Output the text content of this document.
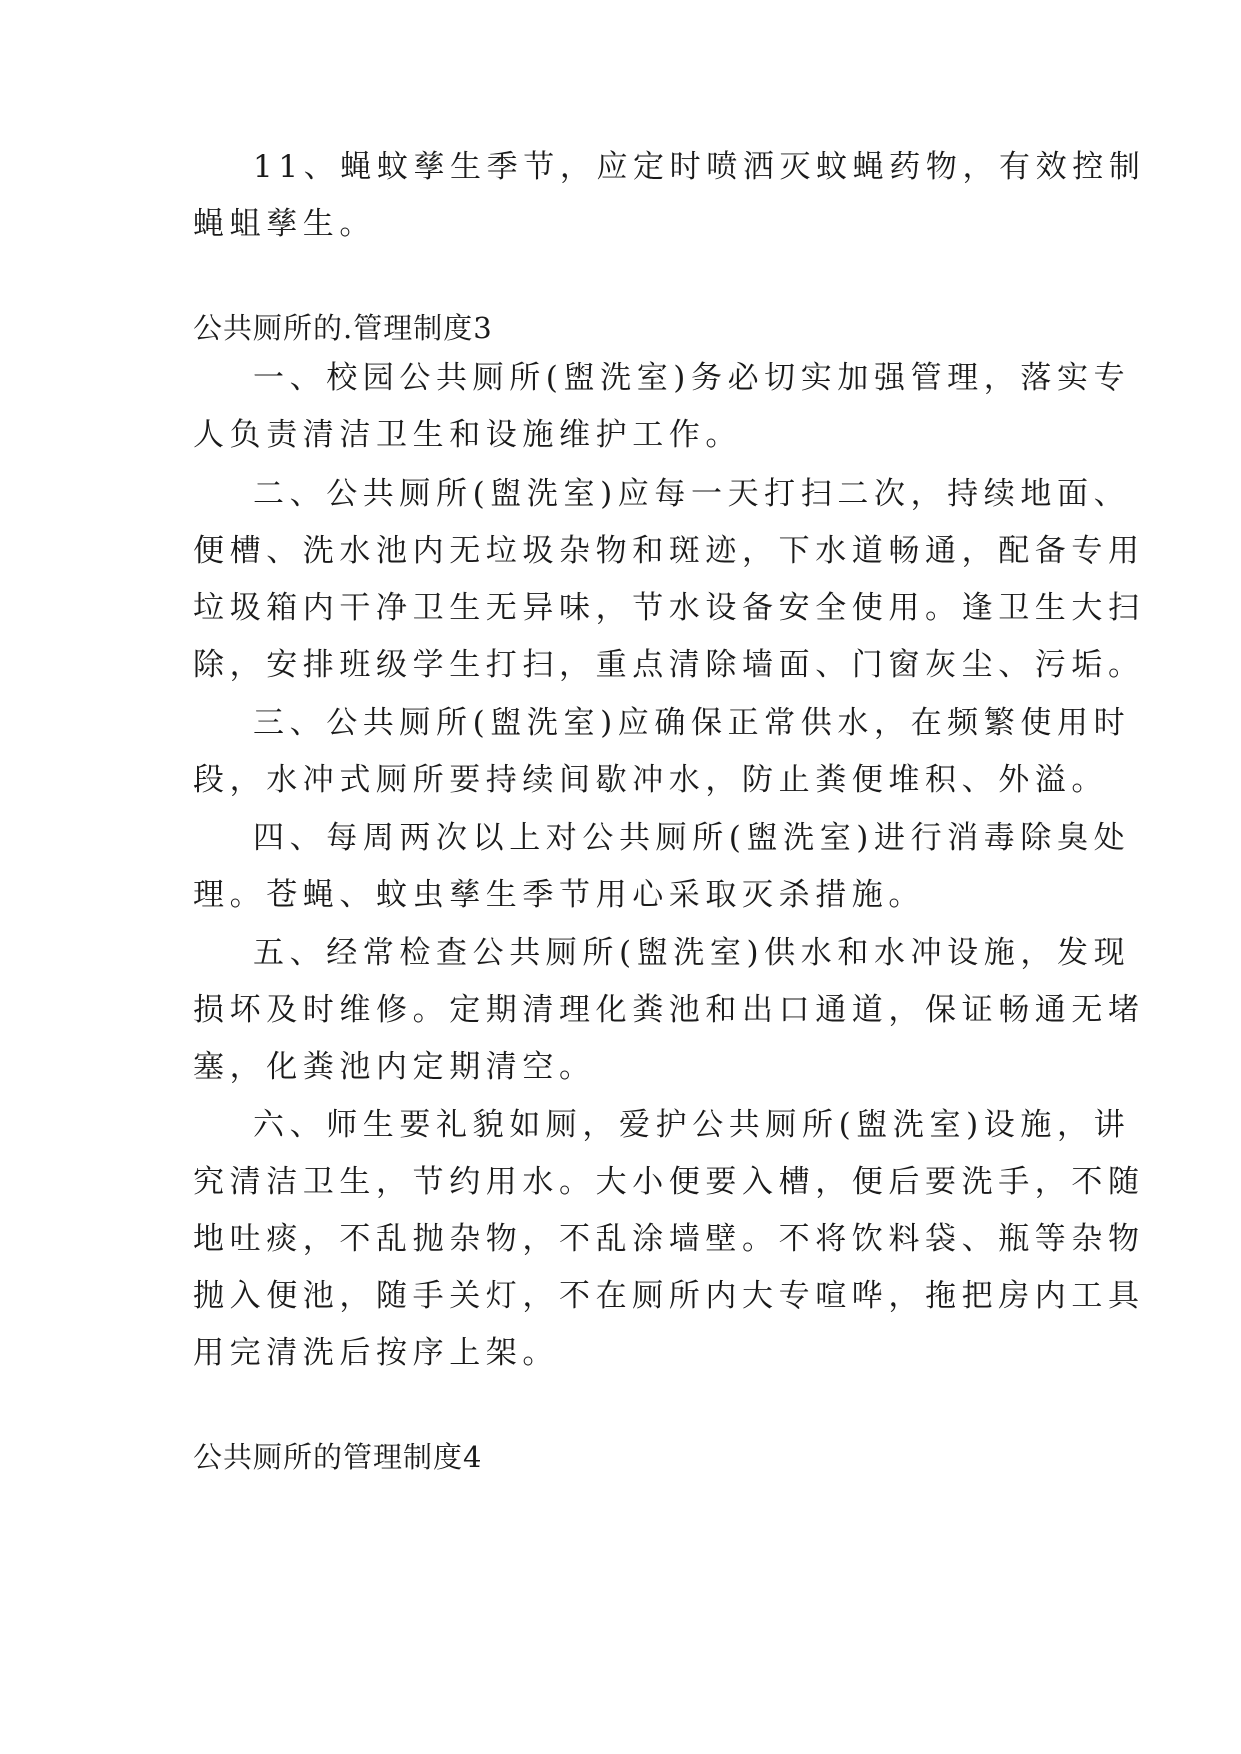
11、蝇蚊孳生季节，应定时喷洒灭蚊蝇药物，有效控制
蝇蛆孳生。
公共厕所的.管理制度3
一、校园公共厕所(盥洗室)务必切实加强管理，落实专
人负责清洁卫生和设施维护工作。
二、公共厕所(盥洗室)应每一天打扫二次，持续地面、
便槽、洗水池内无垃圾杂物和斑迹，下水道畅通，配备专用
垃圾箱内干净卫生无异味，节水设备安全使用。逢卫生大扫
除，安排班级学生打扫，重点清除墙面、门窗灰尘、污垢。
三、公共厕所(盥洗室)应确保正常供水，在频繁使用时
段，水冲式厕所要持续间歇冲水，防止粪便堆积、外溢。
四、每周两次以上对公共厕所(盥洗室)进行消毒除臭处
理。苍蝇、蚊虫孳生季节用心采取灭杀措施。
五、经常检查公共厕所(盥洗室)供水和水冲设施，发现
损坏及时维修。定期清理化粪池和出口通道，保证畅通无堵
塞，化粪池内定期清空。
六、师生要礼貌如厕，爱护公共厕所(盥洗室)设施，讲
究清洁卫生，节约用水。大小便要入槽，便后要洗手，不随
地吐痰，不乱抛杂物，不乱涂墙壁。不将饮料袋、瓶等杂物
抛入便池，随手关灯，不在厕所内大专喧哗，拖把房内工具
用完清洗后按序上架。
公共厕所的管理制度4
